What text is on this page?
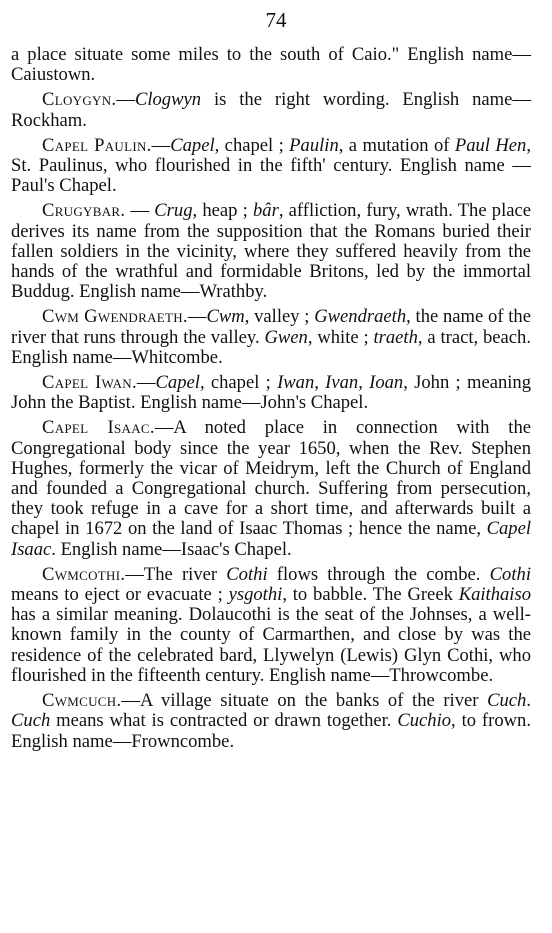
74

a place situate some miles to the south of Caio." English name—Caiustown.

Cloygyn.—Clogwyn is the right wording. English name—Rockham.

Capel Paulin.—Capel, chapel ; Paulin, a mutation of Paul Hen, St. Paulinus, who flourished in the fifth' century. English name —Paul's Chapel.

Crugybar. — Crug, heap ; bâr, affliction, fury, wrath. The place derives its name from the supposition that the Romans buried their fallen soldiers in the vicinity, where they suffered heavily from the hands of the wrathful and formidable Britons, led by the immortal Buddug. English name—Wrathby.

Cwm Gwendraeth.—Cwm, valley ; Gwendraeth, the name of the river that runs through the valley. Gwen, white ; traeth, a tract, beach. English name—Whitcombe.

Capel Iwan.—Capel, chapel ; Iwan, Ivan, Ioan, John ; meaning John the Baptist. English name—John's Chapel.

Capel Isaac.—A noted place in connection with the Congregational body since the year 1650, when the Rev. Stephen Hughes, formerly the vicar of Meidrym, left the Church of England and founded a Congregational church. Suffering from persecution, they took refuge in a cave for a short time, and afterwards built a chapel in 1672 on the land of Isaac Thomas ; hence the name, Capel Isaac. English name—Isaac's Chapel.

Cwmcothi.—The river Cothi flows through the combe. Cothi means to eject or evacuate ; ysgothi, to babble. The Greek Kaithaiso has a similar meaning. Dolaucothi is the seat of the Johnses, a well-known family in the county of Carmarthen, and close by was the residence of the celebrated bard, Llywelyn (Lewis) Glyn Cothi, who flourished in the fifteenth century. English name—Throwcombe.

Cwmcuch.—A village situate on the banks of the river Cuch. Cuch means what is contracted or drawn together. Cuchio, to frown. English name—Frowncombe.
